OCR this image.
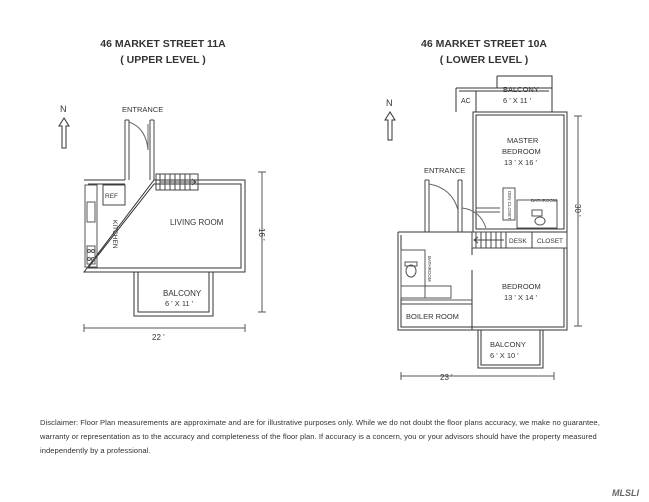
46 MARKET STREET 11A
( UPPER LEVEL )
46 MARKET STREET 10A
( LOWER LEVEL )
N	ENTRANCE
REF
LIVING ROOM
KITCHEN
BALCONY
6 ' X 11 '
22 '
16 '
N	AC
BALCONY
6 ' X 11 '
MASTER
BEDROOM
13 ' X 16 '
ENTRANCE
BATHROOM
DEN CLOSET
DESK CLOSET
BATHROOM
BEDROOM
13 ' X 14 '
BOILER ROOM
BALCONY
6 ' X 10 '
23 '
30 '
Disclaimer: Floor Plan measurements are approximate and are for illustrative purposes only. While we do not doubt the floor plans accuracy, we make no guarantee,
warranty or representation as to the accuracy and completeness of the floor plan. If accuracy is a concern, you or your advisors should have the property measured
independently by a professional.
MLSLI
